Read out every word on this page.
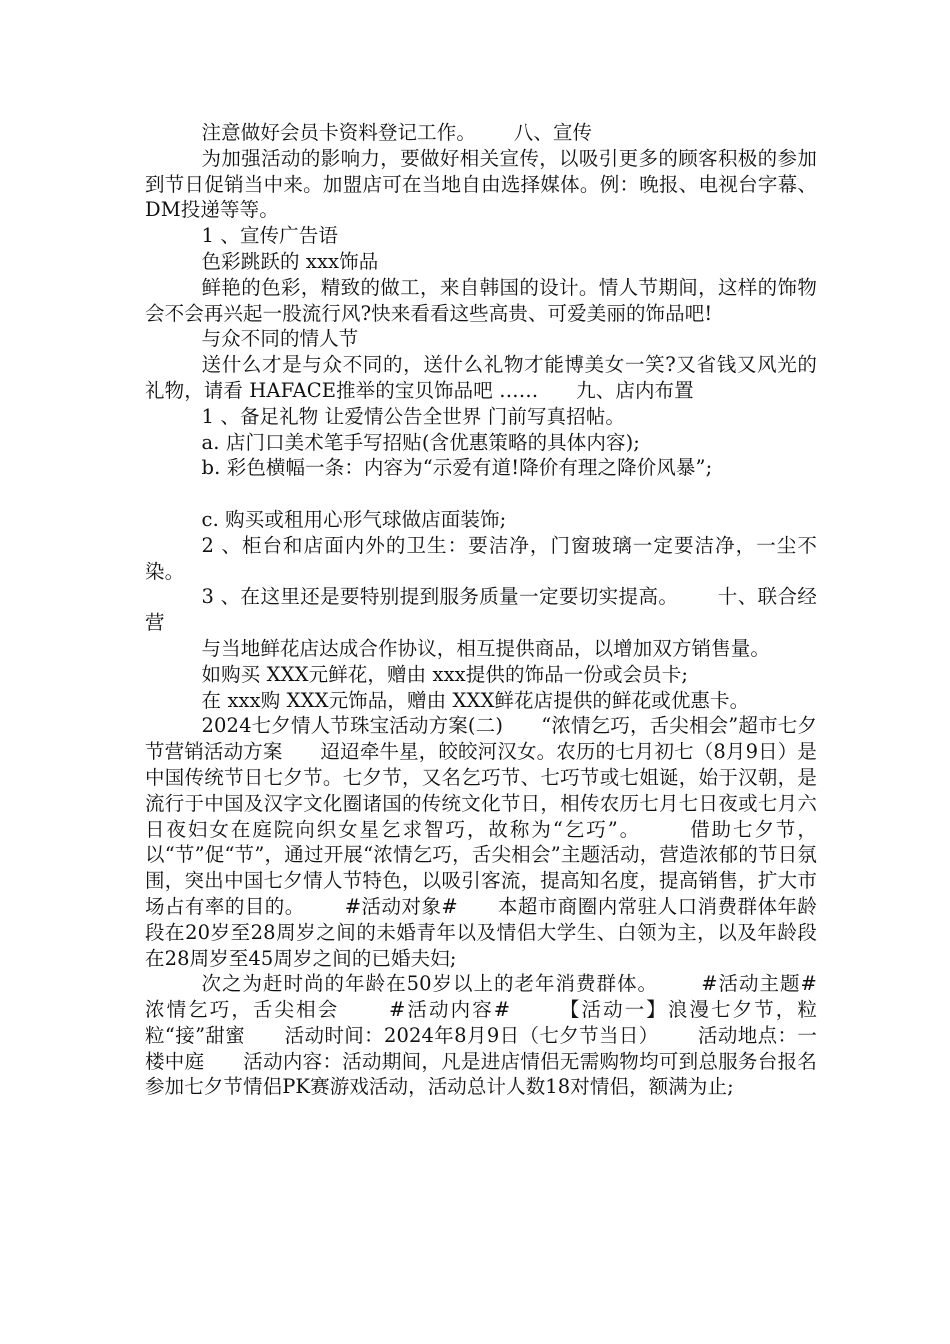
注意做好会员卡资料登记工作。      八、宣传

为加强活动的影响力，要做好相关宣传，以吸引更多的顾客积极的参加到节日促销当中来。加盟店可在当地自由选择媒体。例：晚报、电视台字幕、DM投递等等。

1 、宣传广告语

色彩跳跃的 xxx饰品

鲜艳的色彩，精致的做工，来自韩国的设计。情人节期间，这样的饰物会不会再兴起一股流行风?快来看看这些高贵、可爱美丽的饰品吧!

与众不同的情人节

送什么才是与众不同的，送什么礼物才能博美女一笑?又省钱又风光的礼物，请看 HAFACE推举的宝贝饰品吧 ……      九、店内布置

1 、备足礼物 让爱情公告全世界 门前写真招帖。

a. 店门口美术笔手写招贴(含优惠策略的具体内容);

b. 彩色横幅一条：内容为“示爱有道!降价有理之降价风暴”;

c. 购买或租用心形气球做店面装饰;

2 、柜台和店面内外的卫生：要洁净，门窗玻璃一定要洁净，一尘不染。

3 、在这里还是要特别提到服务质量一定要切实提高。      十、联合经营

与当地鲜花店达成合作协议，相互提供商品，以增加双方销售量。

如购买 XXX元鲜花，赠由 xxx提供的饰品一份或会员卡;

在 xxx购 XXX元饰品，赠由 XXX鲜花店提供的鲜花或优惠卡。

2024七夕情人节珠宝活动方案(二)      “浓情乞巧，舌尖相会”超市七夕节营销活动方案      迢迢牵牛星，皎皎河汉女。农历的七月初七（8月9日）是中国传统节日七夕节。七夕节，又名乞巧节、七巧节或七姐诞，始于汉朝，是流行于中国及汉字文化圈诸国的传统文化节日，相传农历七月七日夜或七月六日夜妇女在庭院向织女星乞求智巧，故称为“乞巧”。      借助七夕节，以“节”促“节”，通过开展“浓情乞巧，舌尖相会”主题活动，营造浓郁的节日氛围，突出中国七夕情人节特色，以吸引客流，提高知名度，提高销售，扩大市场占有率的目的。      #活动对象#      本超市商圈内常驻人口消费群体年龄段在20岁至28周岁之间的未婚青年以及情侣大学生、白领为主，以及年龄段在28周岁至45周岁之间的已婚夫妇;

次之为赶时尚的年龄在50岁以上的老年消费群体。      #活动主题#      浓情乞巧，舌尖相会      #活动内容#      【活动一】浪漫七夕节，粒粒“接”甜蜜      活动时间：2024年8月9日（七夕节当日）      活动地点：一楼中庭      活动内容：活动期间，凡是进店情侣无需购物均可到总服务台报名参加七夕节情侣PK赛游戏活动，活动总计人数18对情侣，额满为止;
